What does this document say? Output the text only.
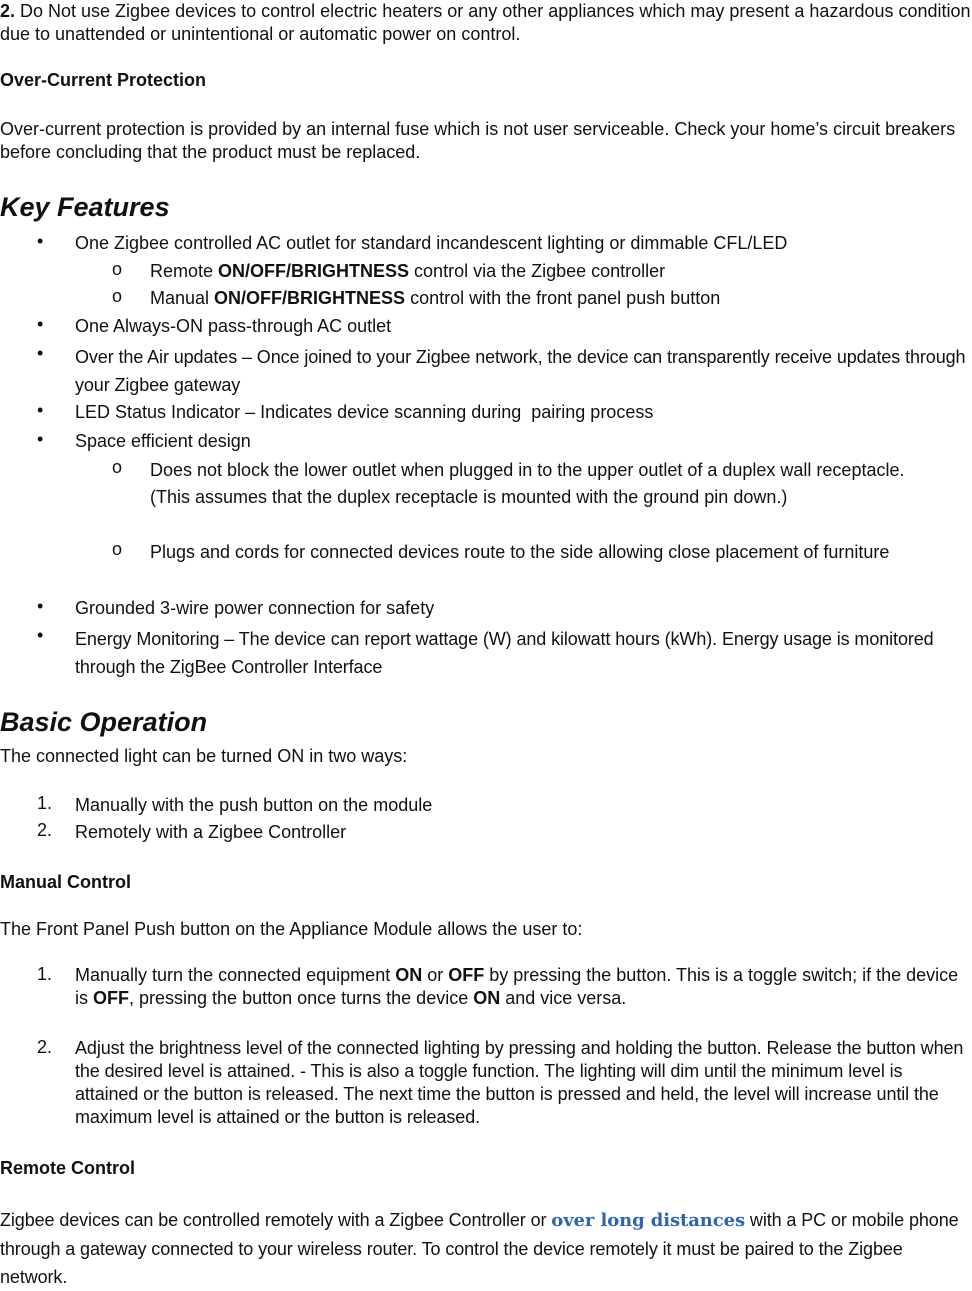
2. Do Not use Zigbee devices to control electric heaters or any other appliances which may present a hazardous condition due to unattended or unintentional or automatic power on control.

Over-Current Protection

Over-current protection is provided by an internal fuse which is not user serviceable. Check your home’s circuit breakers before concluding that the product must be replaced.

Key Features

• One Zigbee controlled AC outlet for standard incandescent lighting or dimmable CFL/LED

o Remote ON/OFF/BRIGHTNESS control via the Zigbee controller

o Manual ON/OFF/BRIGHTNESS control with the front panel push button

• One Always-ON pass-through AC outlet

• Over the Air updates – Once joined to your Zigbee network, the device can transparently receive updates through your Zigbee gateway

• LED Status Indicator – Indicates device scanning during  pairing process

• Space efficient design

o Does not block the lower outlet when plugged in to the upper outlet of a duplex wall receptacle. (This assumes that the duplex receptacle is mounted with the ground pin down.)

o Plugs and cords for connected devices route to the side allowing close placement of furniture

• Grounded 3-wire power connection for safety

• Energy Monitoring – The device can report wattage (W) and kilowatt hours (kWh). Energy usage is monitored through the ZigBee Controller Interface

Basic Operation

The connected light can be turned ON in two ways:

1. Manually with the push button on the module

2. Remotely with a Zigbee Controller

Manual Control

The Front Panel Push button on the Appliance Module allows the user to:

1. Manually turn the connected equipment ON or OFF by pressing the button. This is a toggle switch; if the device is OFF, pressing the button once turns the device ON and vice versa.

2. Adjust the brightness level of the connected lighting by pressing and holding the button. Release the button when the desired level is attained. - This is also a toggle function. The lighting will dim until the minimum level is attained or the button is released. The next time the button is pressed and held, the level will increase until the maximum level is attained or the button is released.

Remote Control

Zigbee devices can be controlled remotely with a Zigbee Controller or over long distances with a PC or mobile phone through a gateway connected to your wireless router. To control the device remotely it must be paired to the Zigbee network.
